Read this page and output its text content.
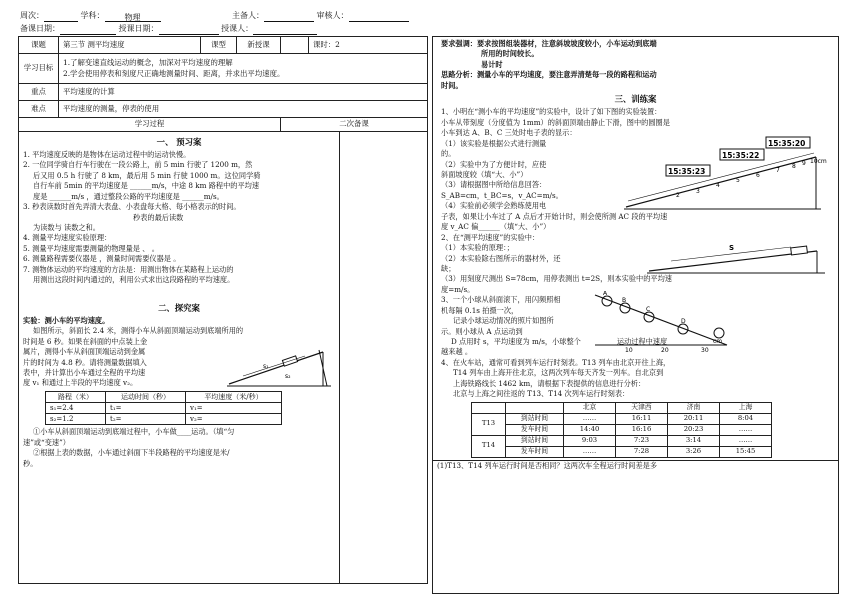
周次：	学科：	物理	主备人：	审核人：
备课日期：	授课日期：	授课人：
课题	第三节 测平均速度	课型	新授课		课时：2
学习目标	1.了解变速直线运动的概念，加深对平均速度的理解
2.学会使用停表和刻度尺正确地测量时间、距离，并求出平均速度。				

重点	平均速度的计算				
难点	平均速度的测量，停表的使用				
学习过程				二次备课	
一、 预习案
1. 平均速度反映的是物体在运动过程中的运动快慢。
2. 一位同学骑自行车行驶在一段公路上，前 5 min 行驶了 1200 m，然
后又用 0.5 h 行驶了 8 km，最后用 5 min 行驶 1000 m。这位同学骑
自行车前 5min 的平均速度是 ______m/s，中途 8 km 路程中的平均速
度是 ______m/s ，通过整段公路的平均速度是 ______m/s。
3. 秒表读数时首先弄清大表盘、小表盘每大格、每小格表示的时间。
秒表的最后读数
为读数与 读数之和。
4. 测量平均速度实验原理：
5. 测量平均速度需要测量的物理量是 、 。
6. 测量路程需要仪器是 ，测量时间需要仪器是 。
7. 测物体运动的平均速度的方法是：用测出物体在某路程上运动的
用测出这段时间内通过的，利用公式求出这段路程的平均速度。
二、探究案
实验：测小车的平均速度。
如图所示，斜面长 2.4 米，测得小车从斜面顶端运动到底端所用的
时间是 6 秒。如果在斜面的中点装上金
属片，测得小车从斜面顶端运动到金属
片的时间为 4.8 秒。请将测量数据填入
表中，并计算出小车通过全程的平均速
度 v₁ 和通过上半段的平均速度 v₂。
s₁
s₂
路程（米）	运动时间（秒）	平均速度（米/秒）
s₁=2.4	t₁=	v₁=
s₂=1.2	t₂=	v₂=
①小车从斜面顶端运动到底端过程中，小车做____运动。（填“匀
速”或“变速”）
②根据上表的数据，小车通过斜面下半段路程的平均速度是米/
秒。
要求强调：要求按图组装器材，注意斜坡坡度较小，小车运动到底端
所用的时间较长。
易计时
思路分析：测量小车的平均速度，要注意弄清楚每一段的路程和运动
时间。
三、训练案
1、小明在“测小车的平均速度”的实验中，设计了如下图的实验装置：
小车从带刻度（分度值为 1mm）的斜面顶端由静止下滑，图中的圆圈是
小车到达 A、B、C 三处时电子表的显示：
（1）该实验是根据公式进行测量
的。
（2）实验中为了方便计时，应使
斜面坡度较（填“大、小”）
（3）请根据图中所给信息回答：
S_AB=cm，t_BC=s，v_AC=m/s。
（4）实验前必须学会熟练使用电
15:35:20
15:35:22
15:35:23
10cm
2
3
4
5
6
7
8 9
子表，如果让小车过了 A 点后才开始计时，则会使所测 AC 段的平均速
度 v_AC 偏______（填“大、小”）
2、在“测平均速度”的实验中：
（1）本实验的原理：；
（2）本实验除右图所示的器材外，还
缺；
S
（3）用刻度尺测出 S=78cm，用停表测出 t=2S，则本实验中的平均速
度=m/s。
3、一个小球从斜面滚下，用闪频照相
机每隔 0.1s 拍摄一次，
记录小球运动情况的照片如图所
示。则小球从 A 点运动到
D 点用时 s，平均速度为 m/s，小球整个	运动过程中速度
越来越 。
A
B
C
D
30
cm
20
10
4、在火车站，通常可看到列车运行时刻表。T13 列车由北京开往上海，
T14 列车由上海开往北京，这两次列车每天齐发一列车。自北京到
上海铁路线长 1462 km，请根据下表提供的信息进行分析：
北京与上海之间往返的 T13、T14 次列车运行时刻表：
		北京	天津西	济南	上海
T13	到站时间	……	16:11	20:11	8:04
	发车时间	14:40	16:16	20:23	……
T14	到站时间	9:03	7:23	3:14	……
	发车时间	……	7:28	3:26	15:45
(1)T13、T14 列车运行时间是否相同？这两次车全程运行时间差是多
